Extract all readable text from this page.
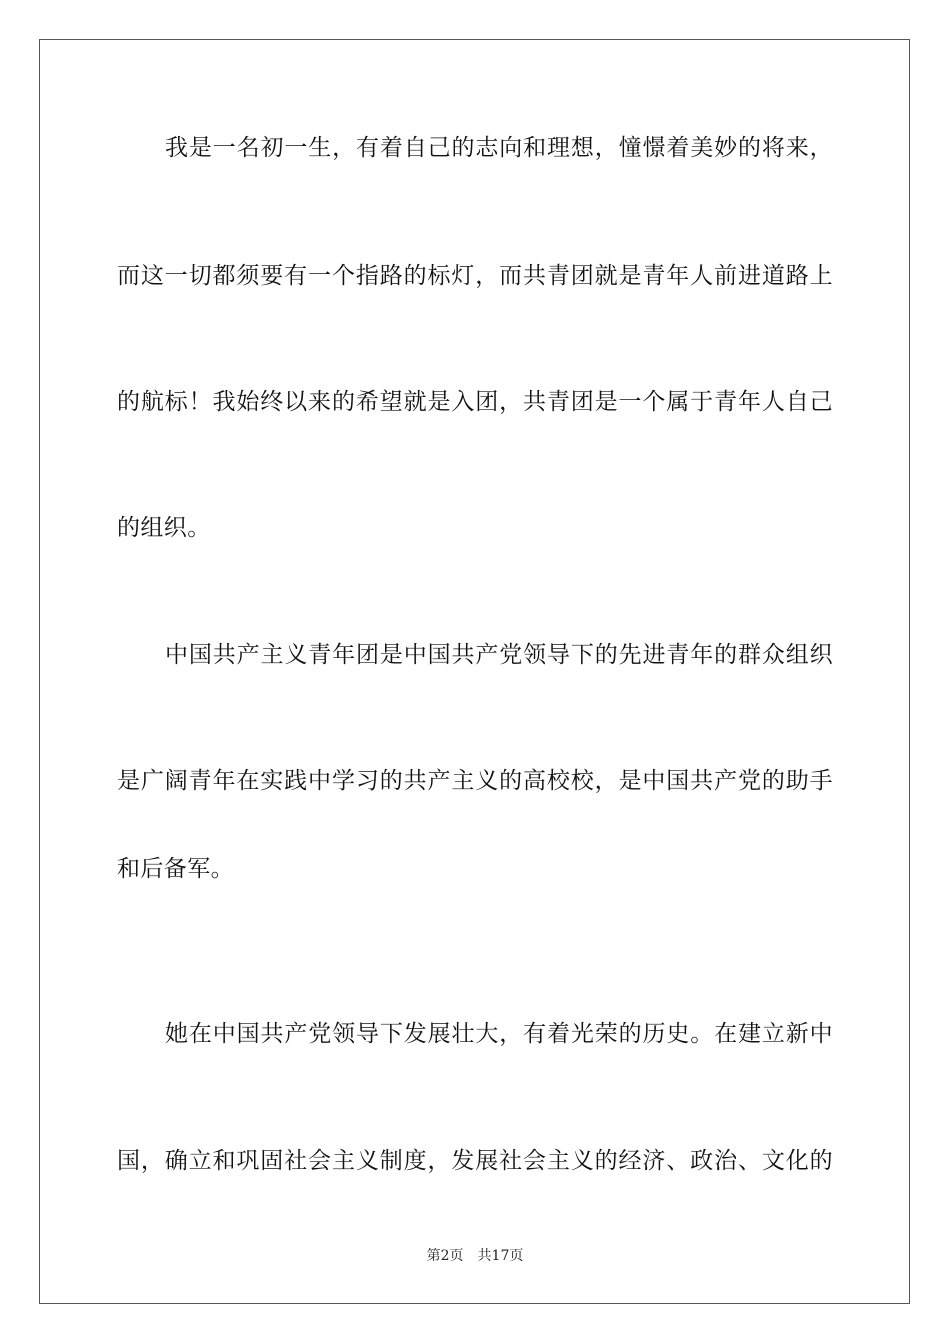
我是一名初一生，有着自己的志向和理想，憧憬着美妙的将来，
而这一切都须要有一个指路的标灯，而共青团就是青年人前进道路上
的航标！我始终以来的希望就是入团，共青团是一个属于青年人自己
的组织。
中国共产主义青年团是中国共产党领导下的先进青年的群众组织
是广阔青年在实践中学习的共产主义的高校校，是中国共产党的助手
和后备军。
她在中国共产党领导下发展壮大，有着光荣的历史。在建立新中
国，确立和巩固社会主义制度，发展社会主义的经济、政治、文化的
第2页 共17页
